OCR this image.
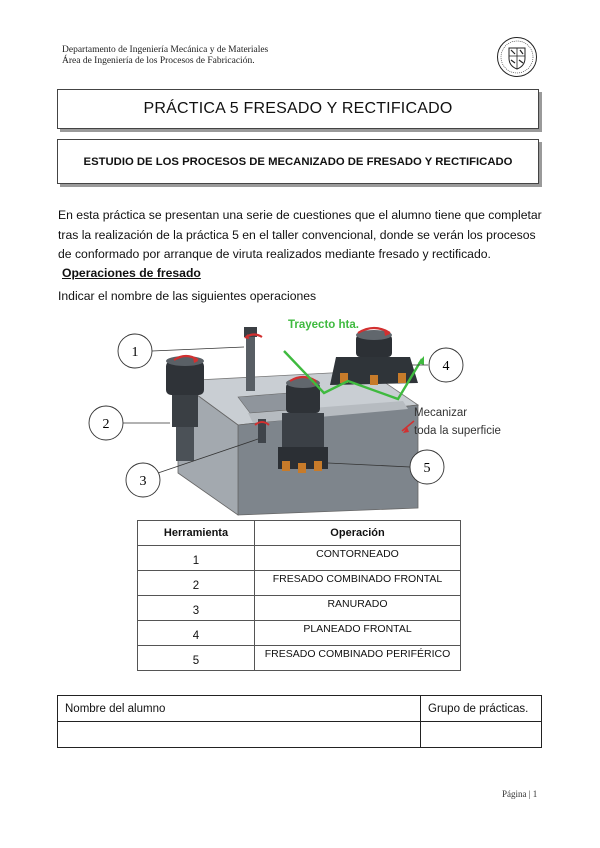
Departamento de Ingeniería Mecánica y de Materiales
Área de Ingeniería de los Procesos de Fabricación.
PRÁCTICA 5 FRESADO Y RECTIFICADO
ESTUDIO DE LOS PROCESOS DE MECANIZADO DE FRESADO Y RECTIFICADO

En esta práctica se presentan una serie de cuestiones que el alumno tiene que completar tras la realización de la práctica 5 en el taller convencional, donde se verán los procesos de conformado por arranque de viruta realizados mediante fresado y rectificado.

Operaciones de fresado
Indicar el nombre de las siguientes operaciones
Trayecto hta.
Mecanizar
toda la superficie
1
2
3
4
5
Herramienta	Operación
1	CONTORNEADO
2	FRESADO COMBINADO FRONTAL
3	RANURADO
4	PLANEADO FRONTAL
5	FRESADO COMBINADO PERIFÉRICO
Nombre del alumno	Grupo de prácticas.

Página | 1
